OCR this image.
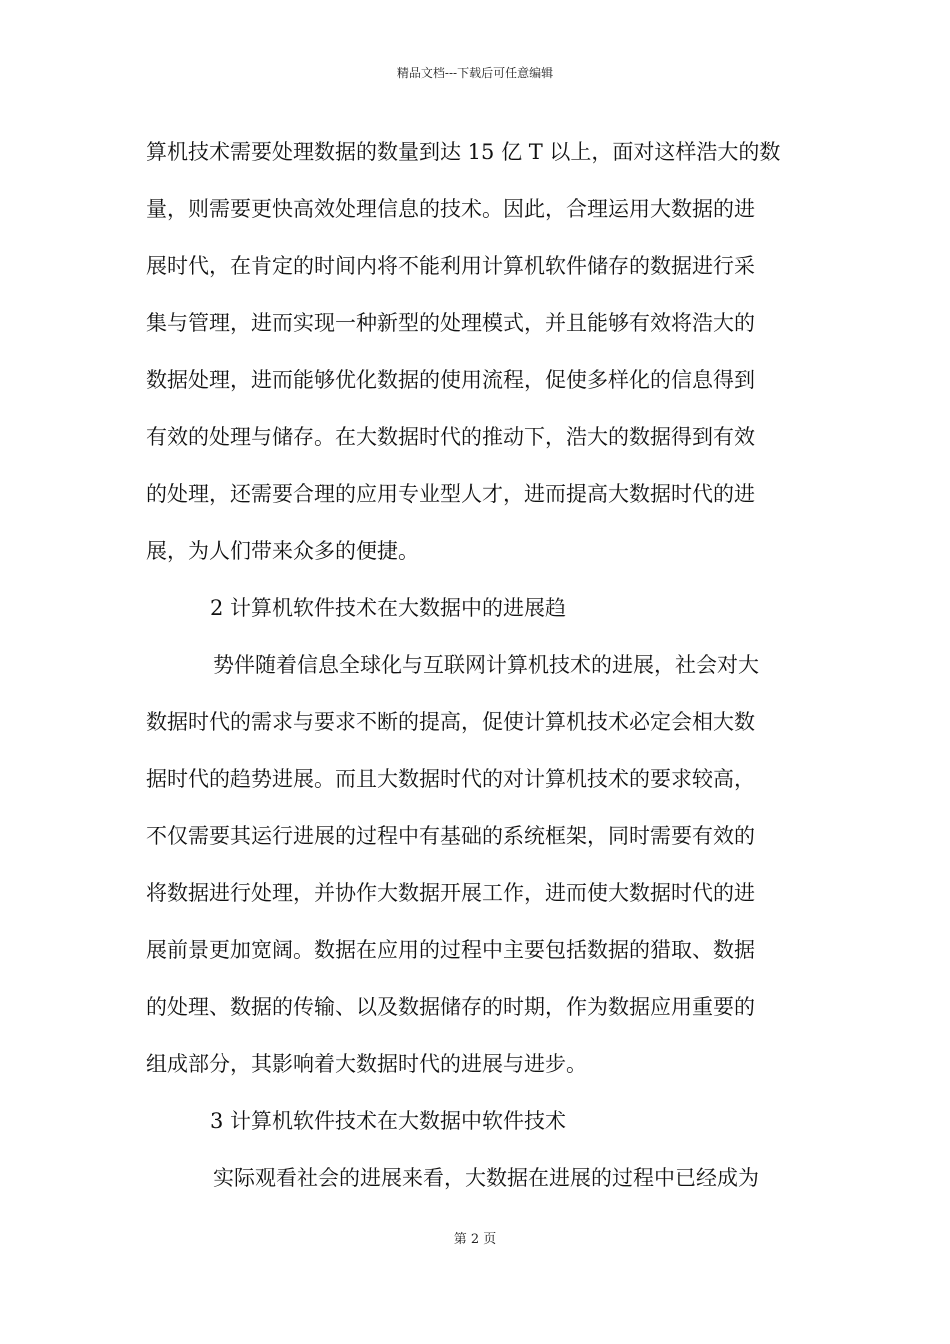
精品文档---下载后可任意编辑
算机技术需要处理数据的数量到达 15 亿 T 以上，面对这样浩大的数
量，则需要更快高效处理信息的技术。因此，合理运用大数据的进
展时代，在肯定的时间内将不能利用计算机软件储存的数据进行采
集与管理，进而实现一种新型的处理模式，并且能够有效将浩大的
数据处理，进而能够优化数据的使用流程，促使多样化的信息得到
有效的处理与储存。在大数据时代的推动下，浩大的数据得到有效
的处理，还需要合理的应用专业型人才，进而提高大数据时代的进
展，为人们带来众多的便捷。
2 计算机软件技术在大数据中的进展趋
势伴随着信息全球化与互联网计算机技术的进展，社会对大
数据时代的需求与要求不断的提高，促使计算机技术必定会相大数
据时代的趋势进展。而且大数据时代的对计算机技术的要求较高，
不仅需要其运行进展的过程中有基础的系统框架，同时需要有效的
将数据进行处理，并协作大数据开展工作，进而使大数据时代的进
展前景更加宽阔。数据在应用的过程中主要包括数据的猎取、数据
的处理、数据的传输、以及数据储存的时期，作为数据应用重要的
组成部分，其影响着大数据时代的进展与进步。
3 计算机软件技术在大数据中软件技术
实际观看社会的进展来看，大数据在进展的过程中已经成为
第 2 页
